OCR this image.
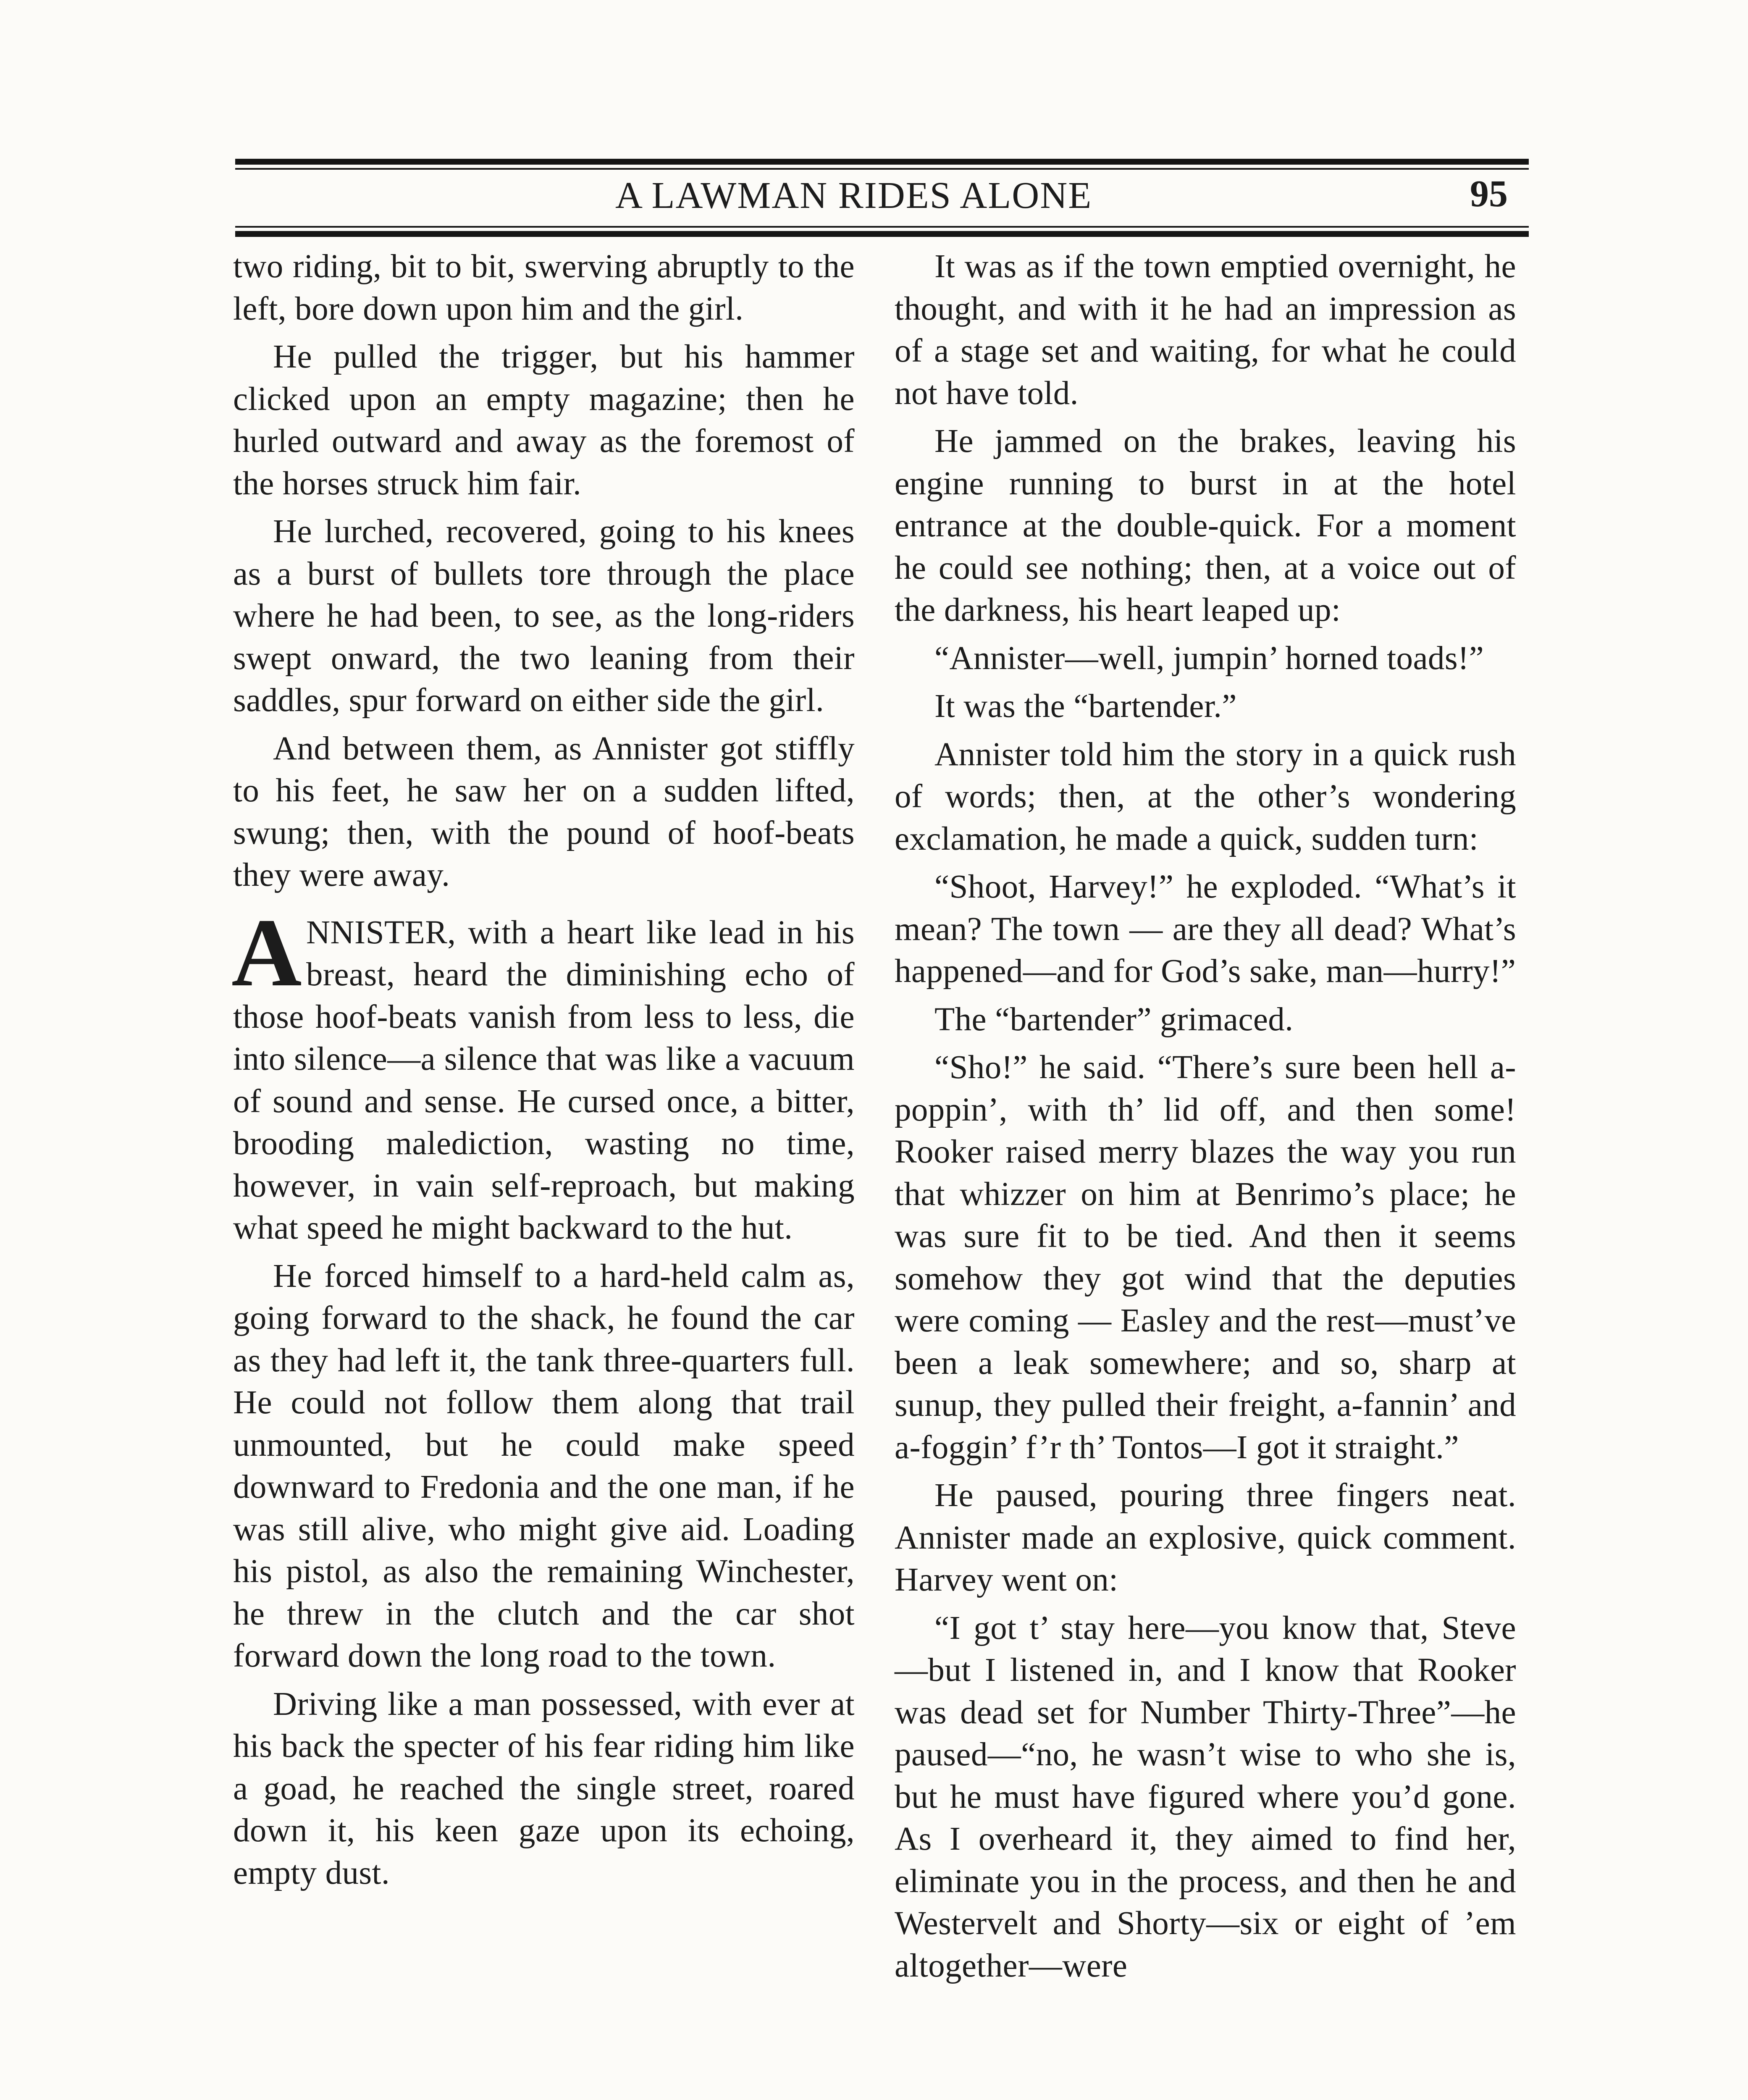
A LAWMAN RIDES ALONE	95

two riding, bit to bit, swerving abruptly to the left, bore down upon him and the girl.

He pulled the trigger, but his hammer clicked upon an empty magazine; then he hurled outward and away as the foremost of the horses struck him fair.

He lurched, recovered, going to his knees as a burst of bullets tore through the place where he had been, to see, as the long-riders swept onward, the two leaning from their saddles, spur forward on either side the girl.

And between them, as Annister got stiffly to his feet, he saw her on a sudden lifted, swung; then, with the pound of hoof-beats they were away.

ANNISTER, with a heart like lead in his breast, heard the diminishing echo of those hoof-beats vanish from less to less, die into silence—a silence that was like a vacuum of sound and sense. He cursed once, a bitter, brooding malediction, wasting no time, however, in vain self-reproach, but making what speed he might backward to the hut.

He forced himself to a hard-held calm as, going forward to the shack, he found the car as they had left it, the tank three-quarters full. He could not follow them along that trail unmounted, but he could make speed downward to Fredonia and the one man, if he was still alive, who might give aid. Loading his pistol, as also the remaining Winchester, he threw in the clutch and the car shot forward down the long road to the town.

Driving like a man possessed, with ever at his back the specter of his fear riding him like a goad, he reached the single street, roared down it, his keen gaze upon its echoing, empty dust.

It was as if the town emptied overnight, he thought, and with it he had an impression as of a stage set and waiting, for what he could not have told.

He jammed on the brakes, leaving his engine running to burst in at the hotel entrance at the double-quick. For a moment he could see nothing; then, at a voice out of the darkness, his heart leaped up:

“Annister—well, jumpin’ horned toads!”

It was the “bartender.”

Annister told him the story in a quick rush of words; then, at the other’s wondering exclamation, he made a quick, sudden turn:

“Shoot, Harvey!” he exploded. “What’s it mean? The town — are they all dead? What’s happened—and for God’s sake, man—hurry!”

The “bartender” grimaced.

“Sho!” he said. “There’s sure been hell a-poppin’, with th’ lid off, and then some! Rooker raised merry blazes the way you run that whizzer on him at Benrimo’s place; he was sure fit to be tied. And then it seems somehow they got wind that the deputies were coming — Easley and the rest—must’ve been a leak somewhere; and so, sharp at sunup, they pulled their freight, a-fannin’ and a-foggin’ f’r th’ Tontos—I got it straight.”

He paused, pouring three fingers neat. Annister made an explosive, quick comment. Harvey went on:

“I got t’ stay here—you know that, Steve—but I listened in, and I know that Rooker was dead set for Number Thirty-Three”—he paused—“no, he wasn’t wise to who she is, but he must have figured where you’d gone. As I overheard it, they aimed to find her, eliminate you in the process, and then he and Westervelt and Shorty—six or eight of ’em altogether—were
